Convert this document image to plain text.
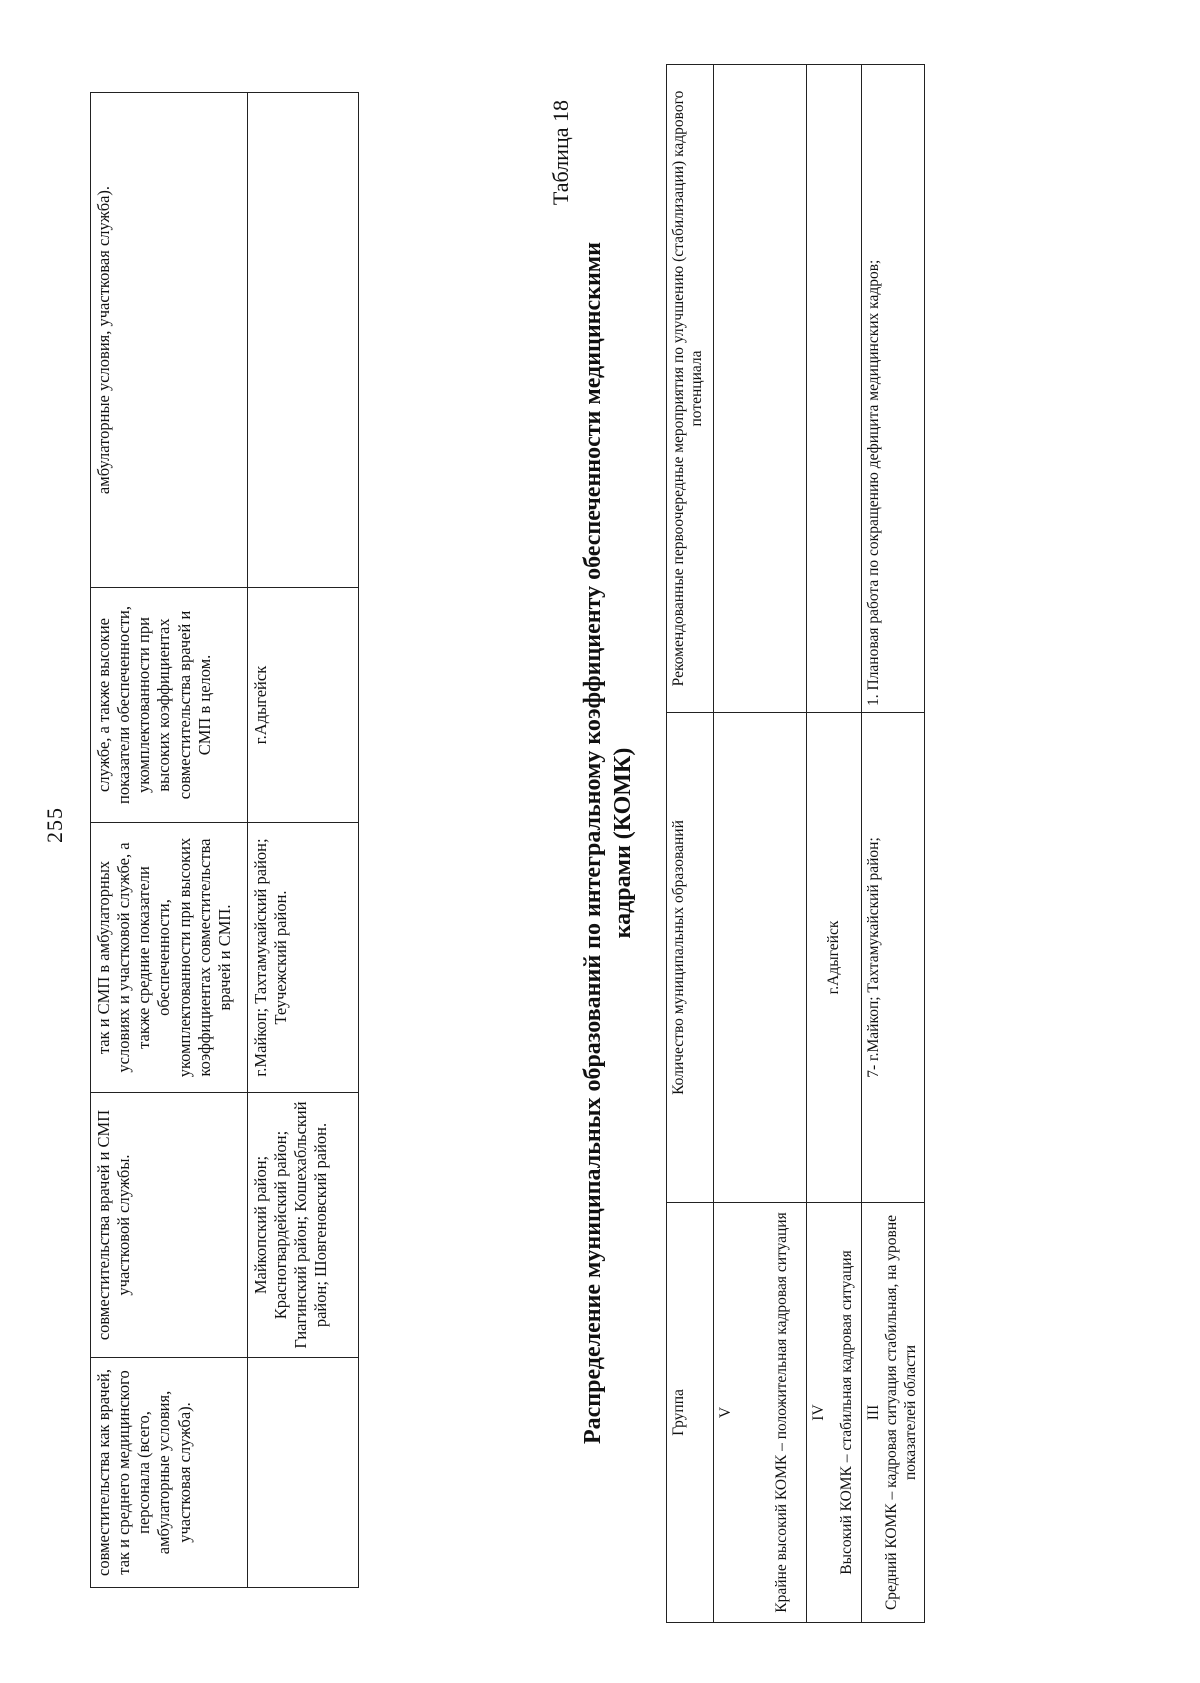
255
совместительства как врачей, так и среднего медицинского персонала (всего, амбулаторные условия, участковая служба).	совместительства врачей и СМП участковой службы.	так и СМП в амбулаторных условиях и участковой службе, а также средние показатели обеспеченности, укомплектованности при высоких коэффициентах совместительства врачей и СМП.	службе, а также высокие показатели обеспеченности, укомплектованности при высоких коэффициентах совместительства врачей и СМП в целом.	амбулаторные условия, участковая служба).
	Майкопский район; Красногвардейский район; Гиагинский район; Кошехабльский район; Шовгеновский район.	г.Майкоп; Тахтамукайский район; Теучежский район.	г.Адыгейск	
Таблица 18
Распределение муниципальных образований по интегральному коэффициенту обеспеченности медицинскими кадрами (КОМК)
Группа	Количество муниципальных образований	Рекомендованные первоочередные мероприятия по улучшению (стабилизации) кадрового потенциала

V Крайне высокий КОМК – положительная кадровая ситуация		

IV Высокий КОМК – стабильная кадровая ситуация	г.Адыгейск	

III Средний КОМК – кадровая ситуация стабильная, на уровне показателей области	7- г.Майкоп; Тахтамукайский район;	1. Плановая работа по сокращению дефицита медицинских кадров;
